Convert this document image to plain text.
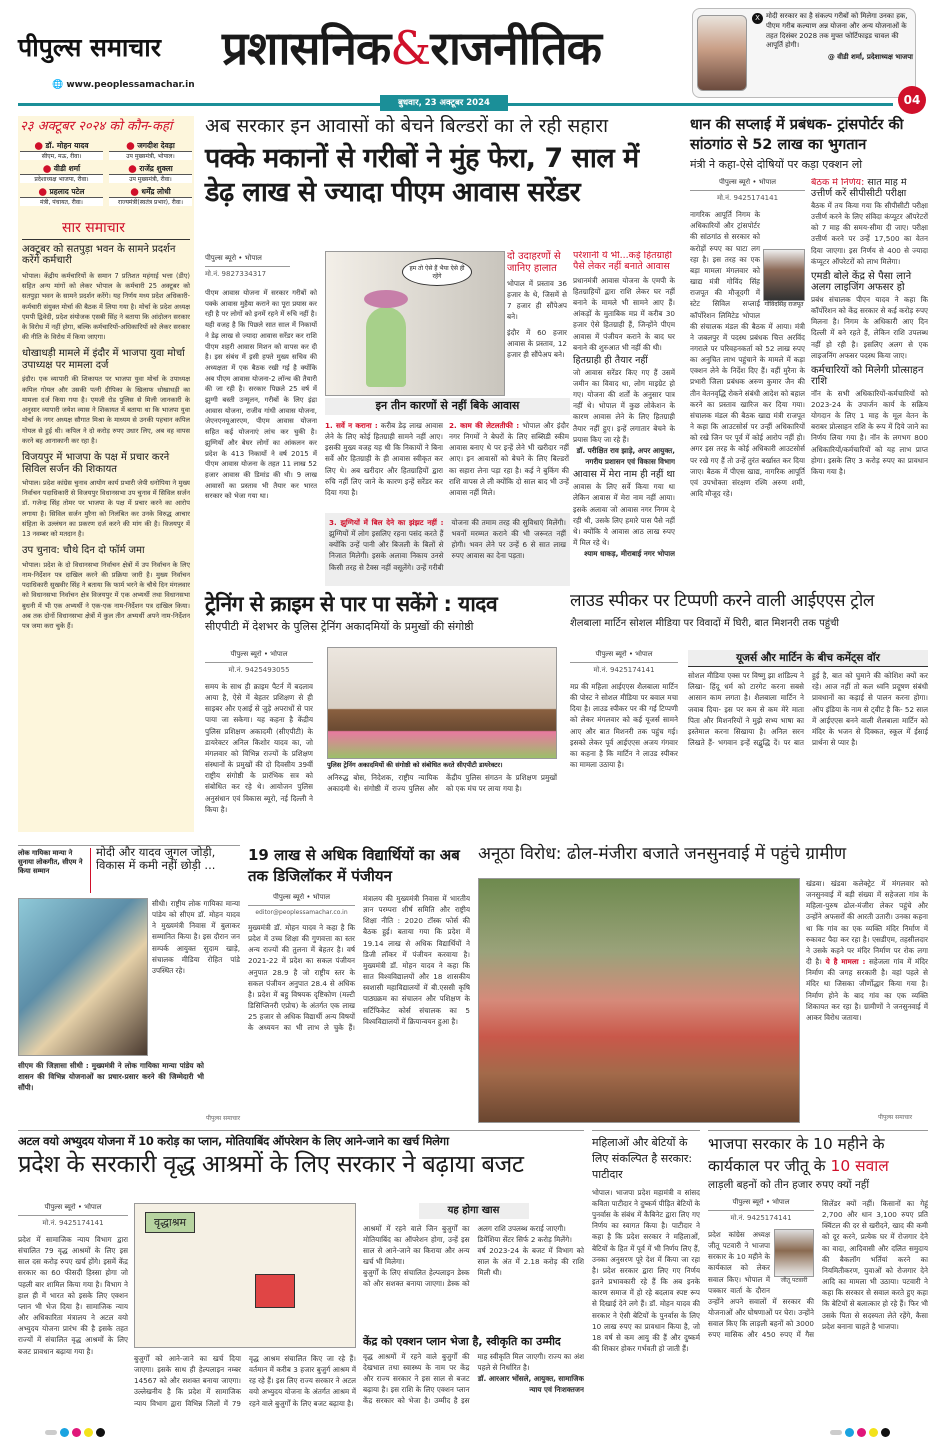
पीपुल्स समाचार
🌐 www.peoplessamachar.in
प्रशासनिक&राजनीतिक
X मोदी सरकार का है संकल्प गरीबों को मिलेगा उनका हक, पीएम गरीब कल्याण अन्न योजना और अन्य योजनाओं के तहत दिसंबर 2028 तक मुफ्त फोर्टिफाइड चावल की आपूर्ति होगी।
@ वीडी शर्मा, प्रदेशाध्यक्ष भाजपा
बुधवार, 23 अक्टूबर 2024	04
२३ अक्टूबर २०२४ को कौन-कहां
⬤ डॉ. मोहन यादव
सीएम, मऊ, रीवा।
⬤ जगदीश देवड़ा
उप मुख्यमंत्री, भोपाल।
⬤ वीडी शर्मा
प्रदेशाध्यक्ष भाजपा, रीवा।
⬤ राजेंद्र शुक्ला
उप मुख्यमंत्री, रीवा।
⬤ प्रहलाद पटेल
मंत्री, पंचायत, रीवा।
⬤ धर्मेंद्र लोधी
राज्यमंत्री(स्वतंत्र प्रभार), रीवा।
सार समाचार
अक्टूबर को सतपुड़ा भवन के सामने प्रदर्शन करेंगे कर्मचारी
भोपाल। केंद्रीय कर्मचारियों के समान 7 प्रतिशत महंगाई भत्ता (डीए) सहित अन्य मांगों को लेकर भोपाल के कर्मचारी 25 अक्टूबर को सतपुड़ा भवन के सामने प्रदर्शन करेंगे। यह निर्णय मध्य प्रदेश अधिकारी-कर्मचारी संयुक्त मोर्चा की बैठक में लिया गया है। मोर्चा के प्रदेश अध्यक्ष एमपी द्विवेदी, प्रदेश संयोजक एसबी सिंह ने बताया कि आंदोलन सरकार के विरोध में नहीं होगा, बल्कि कर्मचारियों-अधिकारियों को लेकर सरकार की नीति के विरोध में किया जाएगा।
धोखाधड़ी मामले में इंदौर में भाजपा युवा मोर्चा उपाध्यक्ष पर मामला दर्ज
इंदौर। एक व्यापारी की शिकायत पर भाजपा युवा मोर्चा के उपाध्यक्ष कपिल गोयल और उसकी पत्नी दीपिका के खिलाफ धोखाधड़ी का मामला दर्ज किया गया है। एमजी रोड पुलिस से मिली जानकारी के अनुसार व्यापारी जयेश व्यास ने शिकायत में बताया था कि भाजपा युवा मोर्चा के नगर अध्यक्ष सौगात मिश्रा के माध्यम से उनकी पहचान कपिल गोयल से हुई थी। कपिल ने दो करोड़ रुपए उधार लिए, अब वह वापस करने बह आनाकानी कर रहा है।
विजयपुर में भाजपा के पक्ष में प्रचार करने सिविल सर्जन की शिकायत
भोपाल। प्रदेश कांग्रेस चुनाव आयोग कार्य प्रभारी जेपी धनोपिया ने मुख्य निर्वाचन पदाधिकारी से विजयपुर विधानसभा उप चुनाव में सिविल सर्जन डॉ. गजेन्द्र सिंह तोमर पर भाजपा के पक्ष में प्रचार करने का आरोप लगाया है। सिविल सर्जन मुरैना को निलंबित कर उनके विरुद्ध आचार संहिता के उल्लंघन का प्रकरण दर्ज करने की मांग की है। विजयपुर में 13 नवम्बर को मतदान है।
उप चुनाव: चौथे दिन दो फॉर्म जमा
भोपाल। प्रदेश के दो विधानसभा निर्वाचन क्षेत्रों में उप निर्वाचन के लिए नाम-निर्देशन पत्र दाखिल करने की प्रक्रिया जारी है। मुख्य निर्वाचन पदाधिकारी सुखवीर सिंह ने बताया कि फार्म भरने के चौथे दिन मंगलवार को विधानसभा निर्वाचन क्षेत्र विजयपुर में एक अभ्यर्थी तथा विधानसभा बुधनी में भी एक अभ्यर्थी ने एक-एक नाम-निर्देशन पत्र दाखिल किया। अब तक दोनों विधानसभा क्षेत्रों में कुल तीन अभ्यर्थी अपने नाम-निर्देशन पत्र जमा करा चुके हैं।
अब सरकार इन आवासों को बेचने बिल्डरों का ले रही सहारा
पक्के मकानों से गरीबों ने मुंह फेरा, 7 साल में डेढ़ लाख से ज्यादा पीएम आवास सरेंडर
पीपुल्स ब्यूरो • भोपाल
मो.नं. 9827334317
पीएम आवास योजना में सरकार गरीबों को पक्के आवास मुहैया कराने का पूरा प्रयास कर रही है पर लोगों को इनमें रहने में रुचि नहीं है। यही वजह है कि पिछले सात साल में निकायों ने डेढ़ लाख से ज्यादा आवास सरेंडर कर राशि पीएम शहरी आवास मिशन को वापस कर दी है। इस संबंध में इसी हफ्ते मुख्य सचिव की अध्यक्षता में एक बैठक रखी गई है क्योंकि अब पीएम आवास योजना-2 लॉन्च की तैयारी की जा रही है। सरकार पिछले 25 वर्ष में झुग्गी बस्ती उन्मूलन, गरीबों के लिए इंद्रा आवास योजना, राजीव गांधी आवास योजना, जेएनएनयूआरएम, पीएम आवास योजना सहित कई योजनाएं लांच कर चुकी है। झुग्गियों और बेघर लोगों का आंकलन कर प्रदेश के 413 निकायों ने वर्ष 2015 में पीएम आवास योजना के तहत 11 लाख 52 हजार आवास की डिमांड की थी। 9 लाख आवासों का प्रस्ताव भी तैयार कर भारत सरकार को भेजा गया था।
हम तो ऐसे हैं भैया ऐसे ही रहेंगे
दो उदाहरणों से जानिए हालात
भोपाल में प्रस्ताव 36 हजार के थे, जिसमें से 7 हजार ही सौंपेअप बने।
इंदौर में 60 हजार आवास के प्रस्ताव, 12 हजार ही सौंपेअप बने।
इन तीन कारणों से नहीं बिके आवास
1. सर्वे न कराना : करीब डेढ़ लाख आवास लेने के लिए कोई हितग्राही सामने नहीं आए। इसकी मुख्य वजह यह थी कि निकायों ने बिना सर्वे और हितग्राही के ही आवास स्वीकृत कर लिए थे। अब खरीदार और हितग्राहियों द्वारा रुचि नहीं लिए जाने के कारण इन्हें सरेंडर कर दिया गया है।
2. काम की लेटलतीफी : भोपाल और इंदौर नगर निगमों ने बेघरों के लिए सब्सिडी स्कीम आवास बनाए थे पर इन्हें लेने भी खरीदार नहीं आए। इन आवासों को बेचने के लिए बिल्डरों का सहारा लेना पड़ा रहा है। कई ने बुकिंग की राशि वापस ले ली क्योंकि दो साल बाद भी उन्हें आवास नहीं मिले।
3. झुग्गियों में बिल देने का झंझट नहीं : झुग्गियों में लोग इसलिए रहना पसंद करते हैं क्योंकि उन्हें पानी और बिजली के बिलों से निजात मिलेगी। इसके अलावा निकाय उनसे किसी तरह से टैक्स नहीं वसूलेंगे। उन्हें गरीबी योजना की तमाम तरह की सुविधाएं मिलेंगी। भवनों मरम्मत कराने की भी जरूरत नहीं होगी। भवन लेने पर उन्हें 6 से सात लाख रुपए आवास का देना पड़ता।
परेशानी ये भी...कई हितग्राही पैसे लेकर नहीं बनाते आवास
प्रधानमंत्री आवास योजना के एमपी के हितग्राहियों द्वारा राशि लेकर घर नहीं बनाने के मामले भी सामने आए हैं। आंकड़ों के मुताबिक मप्र में करीब 30 हजार ऐसे हितग्राही हैं, जिन्होंने पीएम आवास में पंजीयन कराने के बाद घर बनाने की शुरुआत भी नहीं की थी।
हितग्राही ही तैयार नहीं
जो आवास सरेंडर किए गए हैं उसमें जमीन का विवाद था, लोग माइग्रेट हो गए। योजना की शर्तों के अनुसार पात्र नहीं थे। भोपाल में कुछ लोकेशन के कारण आवास लेने के लिए हितग्राही तैयार नहीं हुए। इन्हें लगातार बेचने के प्रयास किए जा रहे हैं।
डॉ. परीक्षित राव झाड़े, अपर आयुक्त, नगरीय प्रशासन एवं विकास विभाग
आवास में मेरा नाम ही नहीं था
आवास के लिए सर्वे किया गया था लेकिन आवास में मेरा नाम नहीं आया। इसके अलावा जो आवास नगर निगम दे रही थी, उसके लिए हमारे पास पैसे नहीं थे। क्योंकि ये आवास आठ लाख रुपए में मिल रहे थे।
श्याम धाकड़, मीराबाई नगर भोपाल
धान की सप्लाई में प्रबंधक- ट्रांसपोर्टर की सांठगांठ से 52 लाख का भुगतान
मंत्री ने कहा-ऐसे दोषियों पर कड़ा एक्शन लो
पीपुल्स ब्यूरो • भोपाल
मो.नं. 9425174141
गोविंदसिंह राजपूत
नागरिक आपूर्ति निगम के अधिकारियों और ट्रांसपोर्टर की सांठगांठ से सरकार को करोड़ों रुपए का घाटा लग रहा है। इस तरह का एक बड़ा मामला मंगलवार को खाद्य मंत्री गोविंद सिंह राजपूत की मौजूदगी में स्टेट सिविल सप्लाई कॉर्पोरेशन लिमिटेड भोपाल की संचालक मंडल की बैठक में आया। मंत्री ने जबलपुर में पदस्थ प्रबंधक चित्त अरविंद नगराले पर परिवहनकर्ता को 52 लाख रुपए का अनुचित लाभ पहुंचाने के मामले में कड़ा एक्शन लेने के निर्देश दिए हैं। वहीं मुरैना के प्रभारी जिला प्रबंधक अरुण कुमार जैन की तीन वेतनवृद्धि रोकने संबंधी आदेश को बहाल करने का प्रस्ताव खारिज कर दिया गया। संचालक मंडल की बैठक खाद्य मंत्री राजपूत ने कहा कि आउटसोर्स पर उन्हीं अधिकारियों को रखे जिन पर पूर्व में कोई आरोप नहीं हो। अगर इस तरह के कोई अधिकारी आउटसोर्स पर रखे गए हैं तो उन्हें तुरंत बर्खास्त कर दिया जाए। बैठक में पीएस खाद्य, नागरिक आपूर्ति एवं उपभोक्ता संरक्षण रश्मि अरुण शमी, आदि मौजूद रहे।
बैठक में निर्णय: सात माह में उत्तीर्ण करें सीपीसीटी परीक्षा
बैठक में तय किया गया कि सीपीसीटी परीक्षा उत्तीर्ण करने के लिए संविदा कंप्यूटर ऑपरेटरों को 7 माह की समय-सीमा दी जाए। परीक्षा उत्तीर्ण करने पर उन्हें 17,500 का वेतन दिया जाएगा। इस निर्णय से 400 से ज्यादा कंप्यूटर ऑपरेटरों को लाभ मिलेगा।
एमडी बोले केंद्र से पैसा लाने अलग लाइजिंग अफसर हो
प्रबंध संचालक पीएन यादव ने कहा कि कॉर्पोरेशन को केंद्र सरकार से कई करोड़ रुपए मिलना है। निगम के अधिकारी आए दिन दिल्ली में बने रहते हैं, लेकिन राशि उपलब्ध नहीं हो रही है। इसलिए अलग से एक लाइजनिंग अफसर पदस्थ किया जाए।
कर्मचारियों को मिलेगी प्रोत्साहन राशि
नॉन के सभी अधिकारियों-कर्मचारियों को 2023-24 के उपार्जन कार्य के सक्रिय योगदान के लिए 1 माह के मूल वेतन के बराबर प्रोत्साहन राशि के रूप में दिये जाने का निर्णय लिया गया है। नॉन के लगभग 800 अधिकारियों/कर्मचारियों को यह लाभ प्राप्त होगा। इसके लिए 3 करोड़ रुपए का प्रावधान किया गया है।
ट्रेनिंग से क्राइम से पार पा सकेंगे : यादव
सीएपीटी में देशभर के पुलिस ट्रेनिंग अकादमियों के प्रमुखों की संगोष्ठी
पीपुल्स ब्यूरो • भोपाल
मो.नं. 9425493055
समय के साथ ही क्राइम पैटर्न में बदलाव आया है, ऐसे में बेहतर प्रशिक्षण से ही साइबर और एआई से जुड़े अपराधों से पार पाया जा सकेगा। यह कहना है केंद्रीय पुलिस प्रशिक्षण अकादमी (सीएपीटी) के डायरेक्टर अनिल किशोर यादव का, जो मंगलवार को विभिन्न राज्यों के प्रशिक्षण संस्थानों के प्रमुखों की दो दिवसीय 39वीं राष्ट्रीय संगोष्ठी के प्रारंभिक सत्र को संबोधित कर रहे थे। आयोजन पुलिस अनुसंधान एवं विकास ब्यूरो, नई दिल्ली ने किया है।
पुलिस ट्रेनिंग अकादमियों की संगोष्ठी को संबोधित करते सीएपीटी डायरेक्टर।
अनिरुद्ध बोस, निदेशक, राष्ट्रीय न्यायिक अकादमी थे। संगोष्ठी में राज्य पुलिस और केंद्रीय पुलिस संगठन के प्रशिक्षण प्रमुखों को एक मंच पर लाया गया है।
लाउड स्पीकर पर टिप्पणी करने वाली आईएएस ट्रोल
शैलबाला मार्टिन सोशल मीडिया पर विवादों में घिरी, बात मिशनरी तक पहुंची
पीपुल्स ब्यूरो • भोपाल
मो.नं. 9425174141
मप्र की महिला आईएएस शैलबाला मार्टिन की पोस्ट ने सोशल मीडिया पर बवाल मचा दिया है। लाउड स्पीकर पर की गई टिप्पणी को लेकर मंगलवार को कई यूजर्स सामने आए और बात मिशनरी तक पहुंच गई। इसको लेकर पूर्व आईएएस अजय गंगवार का कहना है कि मार्टिन ने लाउड स्पीकर का मामला उठाया है।
यूजर्स और मार्टिन के बीच कमेंट्स वॉर
सोशल मीडिया एक्स पर विष्णु झा शांडिल्य ने लिखा- हिंदू धर्म को टारगेट करना सबसे आसान काम लगता है। शैलबाला मार्टिन ने जवाब दिया- इस पर कम से कम मेरे माता पिता और मिशनरियों ने मुझे सभ्य भाषा का इस्तेमाल करना सिखाया है। अनिल सरन लिखते हैं- भगवान इन्हें सद्बुद्धि दें। पर बात हुई है, बात को घुमाने की कोशिश क्यों कर रहे। आज नहीं तो कल ध्वनि प्रदूषण संबंधी प्रावधानों का कड़ाई से पालन करना होगा। ऑप इंडिया के नाम से ट्वीट है कि- 52 साल में आईएएस बनने वाली शैलबाला मार्टिन को मंदिर के भजन से दिक्कत, स्कूल में ईसाई प्रार्थना से प्यार है।
लोक गायिका मान्या ने सुनाया लोकगीत, सीएम ने किया सम्मान
मोदी और यादव जुगल जोड़ी, विकास में कमी नहीं छोड़ी ...
सीधी। राष्ट्रीय लोक गायिका मान्या पांडेय को सीएम डॉ. मोहन यादव ने मुख्यमंत्री निवास में बुलाकर सम्मानित किया है। इस दौरान जन सम्पर्क आयुक्त सुदाम खाड़े, संचालक मीडिया रोहित पांडे उपस्थित रहे।
सीएम की जिज्ञासा सीधी : मुख्यमंत्री ने लोक गायिका मान्या पांडेय को शासन की विभिन्न योजनाओं का प्रचार-प्रसार करने की जिम्मेदारी भी सौंपी।
पीपुल्स समाचार
19 लाख से अधिक विद्यार्थियों का अब तक डिजिलॉकर में पंजीयन
पीपुल्स ब्यूरो • भोपाल
editor@peoplessamachar.co.in
मुख्यमंत्री डॉ. मोहन यादव ने कहा है कि प्रदेश में उच्च शिक्षा की गुणवत्ता का स्तर अन्य राज्यों की तुलना में बेहतर है। वर्ष 2021-22 में प्रदेश का सकल पंजीयन अनुपात 28.9 है जो राष्ट्रीय स्तर के सकल पंजीयन अनुपात 28.4 से अधिक है। प्रदेश में बहु विषयक दृष्टिकोण (मल्टी डिसिप्लिनरी एप्रोच) के अंतर्गत एक लाख 25 हजार से अधिक विद्यार्थी अन्य विषयों के अध्ययन का भी लाभ ले चुके हैं। मंत्रालय की मुख्यमंत्री निवास में भारतीय ज्ञान परम्परा शीर्ष समिति और राष्ट्रीय शिक्षा नीति : 2020 टॉस्क फोर्स की बैठक हुई। बताया गया कि प्रदेश में 19.14 लाख से अधिक विद्यार्थियों ने डिजी लॉकर में पंजीयन करवाया है। मुख्यमंत्री डॉ. मोहन यादव ने कहा कि सात विश्वविद्यालयों और 18 शासकीय स्वशासी महाविद्यालयों में बी.एससी कृषि पाठ्यक्रम का संचालन और पशिक्षण के सर्टिफिकेट कोर्स संचालक का 5 विश्वविद्यालयों में क्रियान्वयन हुआ है।
अनूठा विरोध: ढोल-मंजीरा बजाते जनसुनवाई में पहुंचे ग्रामीण
खंडवा। खंडवा कलेक्ट्रेट में मंगलवार को जनसुनवाई में बड़ी संख्या में सहेजला गांव के महिला-पुरुष ढोल-मंजीरा लेकर पहुंचे और उन्होंने अफसरों की आरती उतारी। उनका कहना था कि गांव का एक व्यक्ति मंदिर निर्माण में रुकावट पैदा कर रहा है। एसडीएम, तहसीलदार ने उसके कहने पर मंदिर निर्माण पर रोक लगा दी है। ये है मामला : सहेजला गांव में मंदिर निर्माण की जगह सरकारी है। वहां पहले से मंदिर था जिसका जीर्णोद्धार किया गया है। निर्माण होने के बाद गांव का एक व्यक्ति शिकायत कर रहा है। ग्रामीणों ने जनसुनवाई में आकर विरोध जताया।
पीपुल्स समाचार
अटल वयो अभ्युदय योजना में 10 करोड़ का प्लान, मोतियाबिंद ऑपरेशन के लिए आने-जाने का खर्च मिलेगा
प्रदेश के सरकारी वृद्ध आश्रमों के लिए सरकार ने बढ़ाया बजट
पीपुल्स ब्यूरो • भोपाल
मो.नं. 9425174141
प्रदेश में सामाजिक न्याय विभाग द्वारा संचालित 79 वृद्ध आश्रमों के लिए इस साल दस करोड़ रुपए खर्च होंगे। इसमें केंद्र सरकार का 60 फीसदी हिस्सा होगा जो पहली बार शामिल किया गया है। विभाग ने हाल ही में भारत को इसके लिए एक्शन प्लान भी भेज दिया है। सामाजिक न्याय और अधिकारिता मंत्रालय ने अटल वयो अभ्युदय योजना प्रारंभ की है इसके तहत राज्यों में संचालित वृद्ध आश्रमों के लिए बजट प्रावधान बढ़ाया गया है।
वृद्धाश्रम
बुजुर्गों को आने-जाने का खर्च दिया जाएगा। इसके साथ ही हेल्पलाइन नम्बर 14567 को और सशक्त बनाया जाएगा। उल्लेखनीय है कि प्रदेश में सामाजिक न्याय विभाग द्वारा विभिन्न जिलों में 79 वृद्ध आश्रम संचालित किए जा रहे हैं। वर्तमान में करीब 3 हजार बुजुर्ग आश्रम में रह रहे हैं। इस लिए राज्य सरकार ने अटल वयो अभ्युदय योजना के अंतर्गत आश्रम में रहने वाले बुजुर्गों के लिए बजट बढ़ाया है।
यह होगा खास
आश्रमों में रहने वाले जिन बुजुर्गों का मोतियाबिंद का ऑपरेशन होगा, उन्हें इस साल से आने-जाने का किराया और अन्य खर्च भी मिलेगा।
बुजुर्गों के लिए संचालित हेल्पलाइन डेस्क को और सशक्त बनाया जाएगा। डेस्क को अलग राशि उपलब्ध कराई जाएगी।
डिमेंशिया सेंटर सिर्फ 2 करोड़ मिलेंगे।
वर्ष 2023-24 के बजट में विभाग को साल के अंत में 2.18 करोड़ की राशि मिली थी।
केंद्र को एक्शन प्लान भेजा है, स्वीकृति का उम्मीद
वृद्ध आश्रमों में रहने वाले बुजुर्गों की देखभाल तथा स्वास्थ्य के नाम पर केंद्र और राज्य सरकार ने इस साल से बजट बढ़ाया है। इस राशि के लिए एक्शन प्लान केंद्र सरकार को भेजा है। उम्मीद है इस माह स्वीकृति मिल जाएगी। राज्य का अंश पहले से निर्धारित है।
डॉ. आरआर भोंसले, आयुक्त, सामाजिक न्याय एवं निःशक्तजन
महिलाओं और बेटियों के लिए संकल्पित है सरकार: पाटीदार
भोपाल। भाजपा प्रदेश महामंत्री व सांसद कविता पाटीदार ने दुष्कर्म पीड़ित बेटियों के पुनर्वास के संबंध में कैबिनेट द्वारा लिए गए निर्णय का स्वागत किया है। पाटीदार ने कहा है कि प्रदेश सरकार ने महिलाओं, बेटियों के हित में पूर्व में भी निर्णय लिए हैं, उनका अनुसरण पूरे देश में किया जा रहा है। प्रदेश सरकार द्वारा लिए गए निर्णय इतने प्रभावकारी रहे हैं कि अब इनके कारण समाज में हो रहे बदलाव स्पष्ट रूप से दिखाई देने लगे हैं। डॉ. मोहन यादव की सरकार ने ऐसी बेटियों के पुनर्वास के लिए 10 लाख रुपए का प्रावधान किया है, जो 18 वर्ष से कम आयु की हैं और दुष्कर्म की शिकार होकर गर्भवती हो जाती हैं।
भाजपा सरकार के 10 महीने के कार्यकाल पर जीतू के 10 सवाल
लाड़ली बहनों को तीन हजार रुपए क्यों नहीं
पीपुल्स ब्यूरो • भोपाल
मो.नं. 9425174141
जीतू पटवारी
प्रदेश कांग्रेस अध्यक्ष जीतू पटवारी ने भाजपा सरकार के 10 महीने के कार्यकाल को लेकर सवाल किए। भोपाल में पत्रकार वार्ता के दौरान उन्होंने अपने सवालों में सरकार की योजनाओं और घोषणाओं पर घेरा। उन्होंने सवाल किए कि लाड़ली बहनों को 3000 रुपए मासिक और 450 रुपए में गैस सिलेंडर क्यों नहीं। किसानों का गेहूं 2,700 और धान 3,100 रुपए प्रति क्विंटल की दर से खरीदने, खाद की कमी को दूर करने, प्रत्येक घर में रोजगार देने का वादा, आदिवासी और दलित समुदाय की बैकलॉग भर्तियां करने का नियमितीकरण, युवाओं को रोजगार देने आदि का मामला भी उठाया। पटवारी ने कहा कि सरकार से सवाल करते हुए कहा कि बेटियों से बलात्कार हो रहे हैं। फिर भी उसके पिता से सदस्यता लेते रहेंगे, कैसा प्रदेश बनाना चाहते है भाजपा।
